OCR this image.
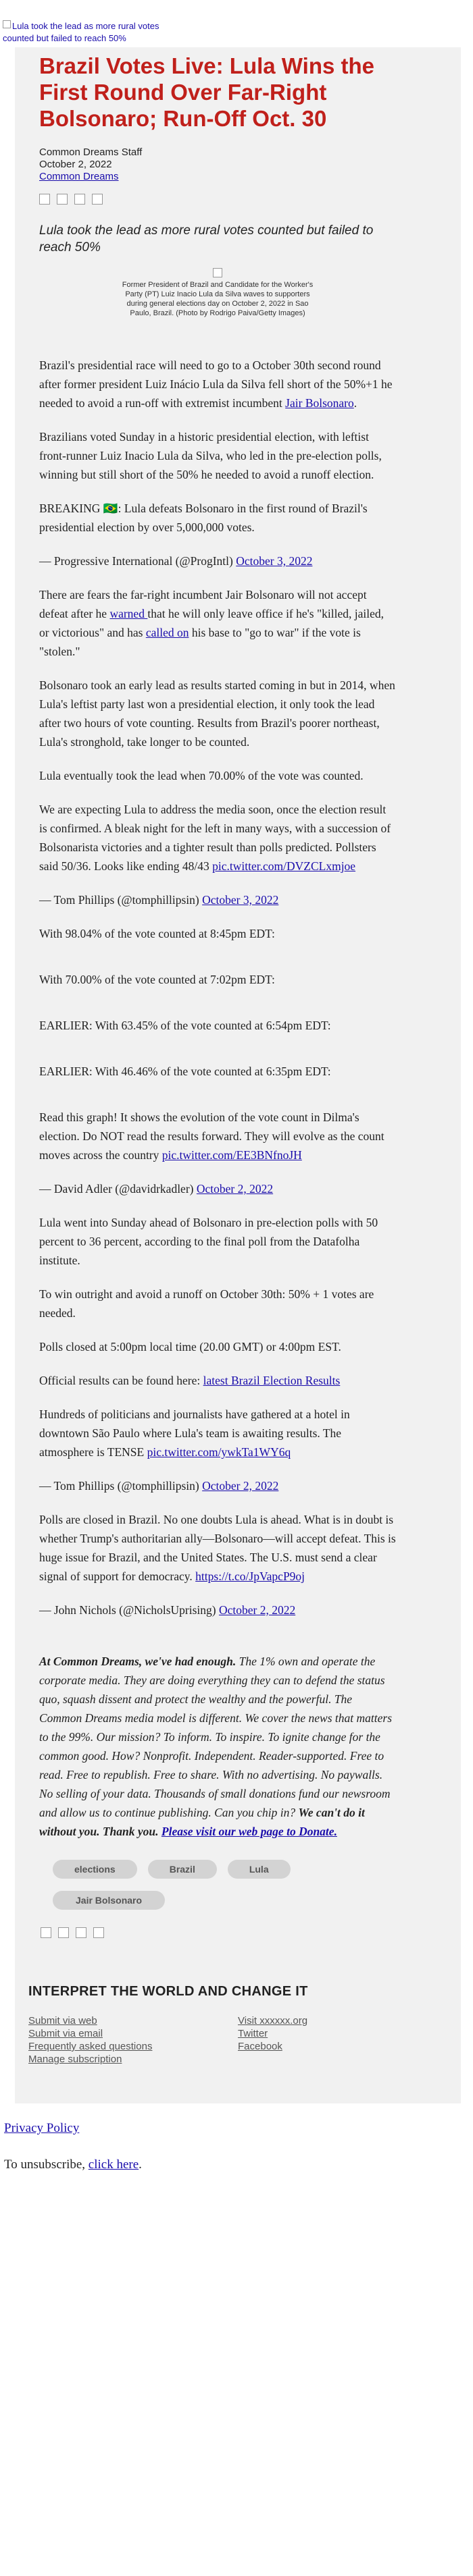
Lula took the lead as more rural votes counted but failed to reach 50%
Brazil Votes Live: Lula Wins the First Round Over Far-Right Bolsonaro; Run-Off Oct. 30
Common Dreams Staff
October 2, 2022
Common Dreams

Lula took the lead as more rural votes counted but failed to reach 50%

Former President of Brazil and Candidate for the Worker's Party (PT) Luiz Inacio Lula da Silva waves to supporters during general elections day on October 2, 2022 in Sao Paulo, Brazil. (Photo by Rodrigo Paiva/Getty Images)

Brazil's presidential race will need to go to a October 30th second round after former president Luiz Inácio Lula da Silva fell short of the 50%+1 he needed to avoid a run-off with extremist incumbent Jair Bolsonaro.

Brazilians voted Sunday in a historic presidential election, with leftist front-runner Luiz Inacio Lula da Silva, who led in the pre-election polls, winning but still short of the 50% he needed to avoid a runoff election.

BREAKING 🇧🇷: Lula defeats Bolsonaro in the first round of Brazil's presidential election by over 5,000,000 votes.

— Progressive International (@ProgIntl) October 3, 2022

There are fears the far-right incumbent Jair Bolsonaro will not accept defeat after he warned that he will only leave office if he's "killed, jailed, or victorious" and has called on his base to "go to war" if the vote is "stolen."

Bolsonaro took an early lead as results started coming in but in 2014, when Lula's leftist party last won a presidential election, it only took the lead after two hours of vote counting. Results from Brazil's poorer northeast, Lula's stronghold, take longer to be counted.

Lula eventually took the lead when 70.00% of the vote was counted.

We are expecting Lula to address the media soon, once the election result is confirmed. A bleak night for the left in many ways, with a succession of Bolsonarista victories and a tighter result than polls predicted. Pollsters said 50/36. Looks like ending 48/43 pic.twitter.com/DVZCLxmjoe

— Tom Phillips (@tomphillipsin) October 3, 2022

With 98.04% of the vote counted at 8:45pm EDT:

With 70.00% of the vote counted at 7:02pm EDT:

EARLIER: With 63.45% of the vote counted at 6:54pm EDT:

EARLIER: With 46.46% of the vote counted at 6:35pm EDT:

Read this graph! It shows the evolution of the vote count in Dilma's election. Do NOT read the results forward. They will evolve as the count moves across the country pic.twitter.com/EE3BNfnoJH

— David Adler (@davidrkadler) October 2, 2022

Lula went into Sunday ahead of Bolsonaro in pre-election polls with 50 percent to 36 percent, according to the final poll from the Datafolha institute.

To win outright and avoid a runoff on October 30th: 50% + 1 votes are needed.

Polls closed at 5:00pm local time (20.00 GMT) or 4:00pm EST.

Official results can be found here: latest Brazil Election Results

Hundreds of politicians and journalists have gathered at a hotel in downtown São Paulo where Lula's team is awaiting results. The atmosphere is TENSE pic.twitter.com/ywkTa1WY6q

— Tom Phillips (@tomphillipsin) October 2, 2022

Polls are closed in Brazil. No one doubts Lula is ahead. What is in doubt is whether Trump's authoritarian ally—Bolsonaro—will accept defeat. This is huge issue for Brazil, and the United States. The U.S. must send a clear signal of support for democracy. https://t.co/JpVapcP9oj

— John Nichols (@NicholsUprising) October 2, 2022

At Common Dreams, we've had enough. The 1% own and operate the corporate media. They are doing everything they can to defend the status quo, squash dissent and protect the wealthy and the powerful. The Common Dreams media model is different. We cover the news that matters to the 99%. Our mission? To inform. To inspire. To ignite change for the common good. How? Nonprofit. Independent. Reader-supported. Free to read. Free to republish. Free to share. With no advertising. No paywalls. No selling of your data. Thousands of small donations fund our newsroom and allow us to continue publishing. Can you chip in? We can't do it without you. Thank you. Please visit our web page to Donate.
elections	Brazil	Lula
Jair Bolsonaro
INTERPRET THE WORLD AND CHANGE IT
Submit via web
Submit via email
Frequently asked questions
Manage subscription
Visit xxxxxx.org
Twitter
Facebook

Privacy Policy

To unsubscribe, click here.
